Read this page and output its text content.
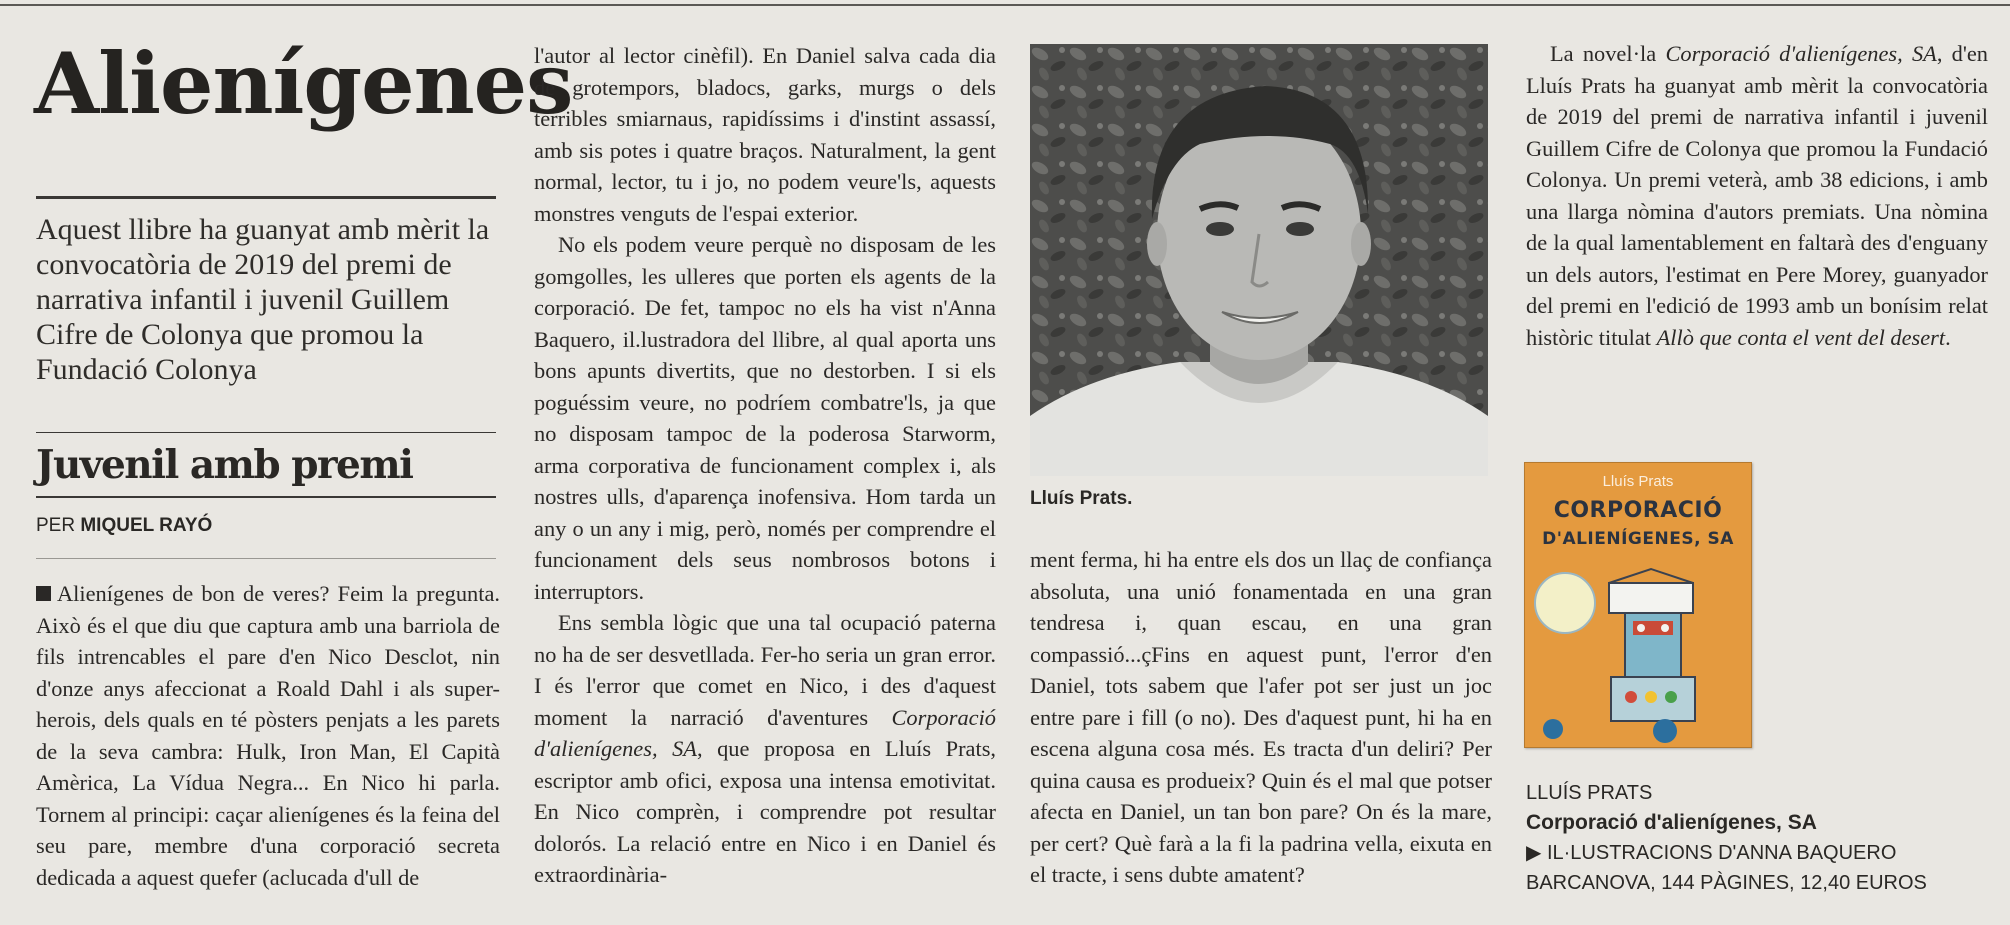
Alienígenes

Aquest llibre ha guanyat amb mèrit la convocatòria de 2019 del premi de narrativa infantil i juvenil Guillem Cifre de Colonya que promou la Fundació Colonya

Juvenil amb premi
PER MIQUEL RAYÓ

Alienígenes de bon de veres? Feim la pregunta. Això és el que diu que captura amb una barriola de fils intrencables el pare d'en Nico Desclot, nin d'onze anys afeccionat a Roald Dahl i als super-herois, dels quals en té pòsters penjats a les parets de la seva cambra: Hulk, Iron Man, El Capità Amèrica, La Vídua Negra... En Nico hi parla. Tornem al principi: caçar alienígenes és la feina del seu pare, membre d'una corporació secreta dedicada a aquest quefer (aclucada d'ull de

l'autor al lector cinèfil). En Daniel salva cada dia de grotempors, bladocs, garks, murgs o dels terribles smiarnaus, rapidíssims i d'instint assassí, amb sis potes i quatre braços. Naturalment, la gent normal, lector, tu i jo, no podem veure'ls, aquests monstres venguts de l'espai exterior.

No els podem veure perquè no disposam de les gomgolles, les ulleres que porten els agents de la corporació. De fet, tampoc no els ha vist n'Anna Baquero, il.lustradora del llibre, al qual aporta uns bons apunts divertits, que no destorben. I si els poguéssim veure, no podríem combatre'ls, ja que no disposam tampoc de la poderosa Starworm, arma corporativa de funcionament complex i, als nostres ulls, d'aparença inofensiva. Hom tarda un any o un any i mig, però, només per comprendre el funcionament dels seus nombrosos botons i interruptors.

Ens sembla lògic que una tal ocupació paterna no ha de ser desvetllada. Fer-ho seria un gran error. I és l'error que comet en Nico, i des d'aquest moment la narració d'aventures Corporació d'alienígenes, SA, que proposa en Lluís Prats, escriptor amb ofici, exposa una intensa emotivitat. En Nico comprèn, i comprendre pot resultar dolorós. La relació entre en Nico i en Daniel és extraordinària-

Lluís Prats.

ment ferma, hi ha entre els dos un llaç de confiança absoluta, una unió fonamentada en una gran tendresa i, quan escau, en una gran compassió...çFins en aquest punt, l'error d'en Daniel, tots sabem que l'afer pot ser just un joc entre pare i fill (o no). Des d'aquest punt, hi ha en escena alguna cosa més. Es tracta d'un deliri? Per quina causa es produeix? Quin és el mal que potser afecta en Daniel, un tan bon pare? On és la mare, per cert? Què farà a la fi la padrina vella, eixuta en el tracte, i sens dubte amatent?

La novel·la Corporació d'alienígenes, SA, d'en Lluís Prats ha guanyat amb mèrit la convocatòria de 2019 del premi de narrativa infantil i juvenil Guillem Cifre de Colonya que promou la Fundació Colonya. Un premi veterà, amb 38 edicions, i amb una llarga nòmina d'autors premiats. Una nòmina de la qual lamentablement en faltarà des d'enguany un dels autors, l'estimat en Pere Morey, guanyador del premi en l'edició de 1993 amb un bonísim relat històric titulat Allò que conta el vent del desert.

Lluís Prats
CORPORACIÓ
D'ALIENÍGENES, SA
LLUÍS PRATS
Corporació d'alienígenes, SA
▶ IL·LUSTRACIONS D'ANNA BAQUERO
BARCANOVA, 144 PÀGINES, 12,40 EUROS
